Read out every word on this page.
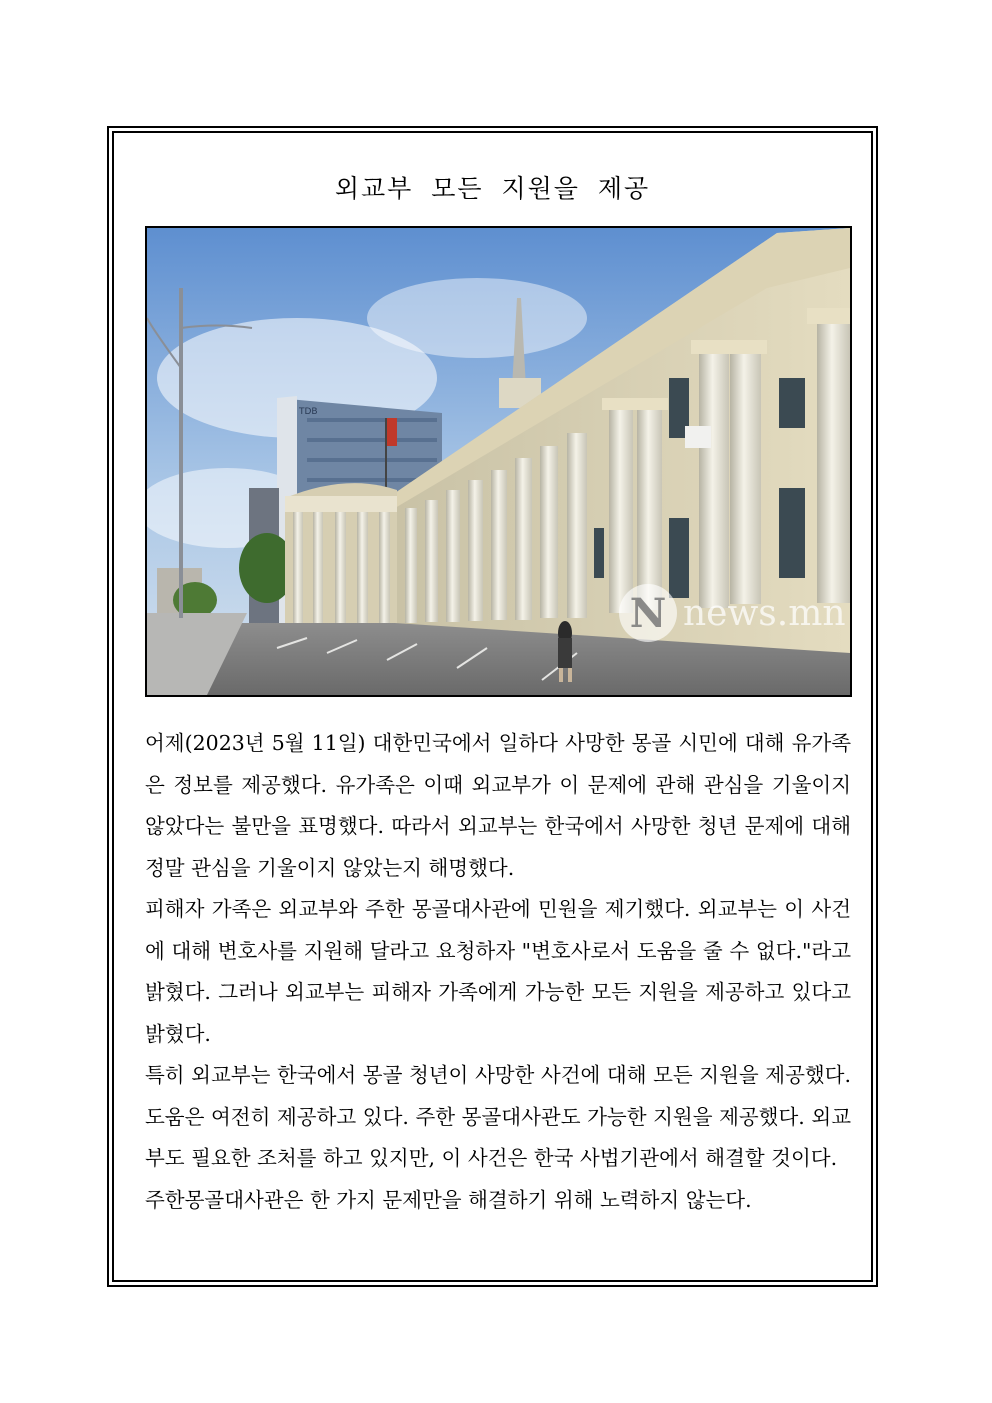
외교부 모든 지원을 제공
TDB
N news.mn

어제(2023년 5월 11일) 대한민국에서 일하다 사망한 몽골 시민에 대해 유가족은 정보를 제공했다. 유가족은 이때 외교부가 이 문제에 관해 관심을 기울이지 않았다는 불만을 표명했다. 따라서 외교부는 한국에서 사망한 청년 문제에 대해 정말 관심을 기울이지 않았는지 해명했다.

피해자 가족은 외교부와 주한 몽골대사관에 민원을 제기했다. 외교부는 이 사건에 대해 변호사를 지원해 달라고 요청하자 "변호사로서 도움을 줄 수 없다."라고 밝혔다. 그러나 외교부는 피해자 가족에게 가능한 모든 지원을 제공하고 있다고 밝혔다.

특히 외교부는 한국에서 몽골 청년이 사망한 사건에 대해 모든 지원을 제공했다. 도움은 여전히 제공하고 있다. 주한 몽골대사관도 가능한 지원을 제공했다. 외교부도 필요한 조처를 하고 있지만, 이 사건은 한국 사법기관에서 해결할 것이다.

주한몽골대사관은 한 가지 문제만을 해결하기 위해 노력하지 않는다.
